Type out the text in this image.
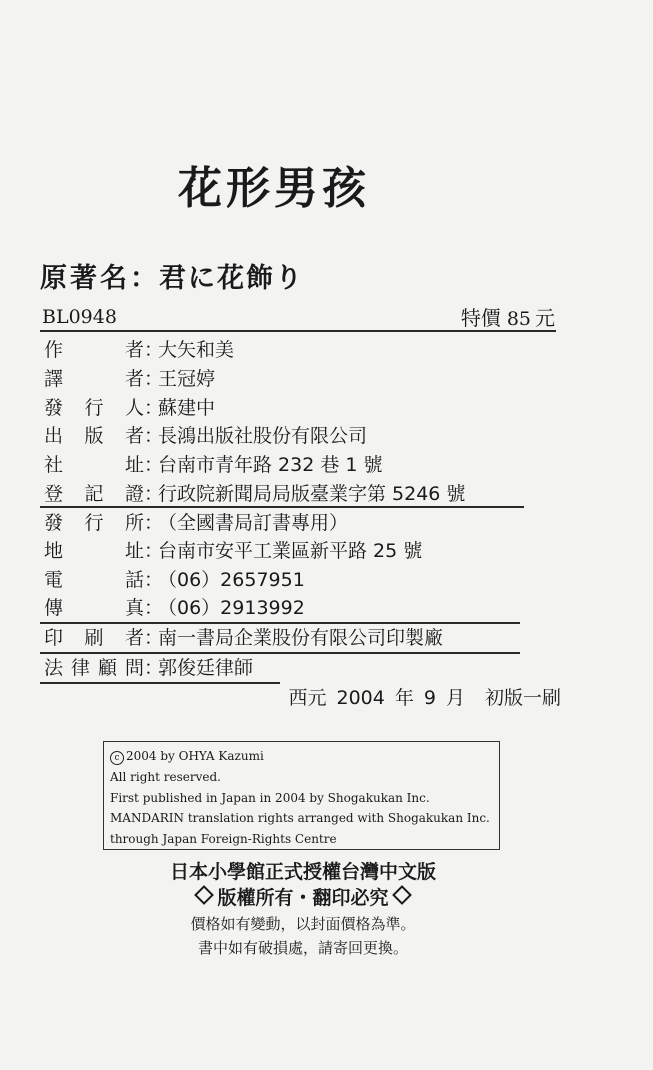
花形男孩
原著名：君に花飾り
BL0948	特價 85 元
作　者：大矢和美
譯　者：王冠婷
發行人：蘇建中
出版者：長鴻出版社股份有限公司
社　址：台南市青年路 232 巷 1 號
登記證：行政院新聞局局版臺業字第 5246 號
發行所：（全國書局訂書專用）
地　址：台南市安平工業區新平路 25 號
電　話：（06）2657951
傳　真：（06）2913992
印刷者：南一書局企業股份有限公司印製廠
法律顧問：郭俊廷律師
西元 2004 年 9 月 初版一刷
c 2004 by OHYA Kazumi
All right reserved.
First published in Japan in 2004 by Shogakukan Inc.
MANDARIN translation rights arranged with Shogakukan Inc.
through Japan Foreign-Rights Centre
日本小學館正式授權台灣中文版
版權所有・翻印必究
價格如有變動，以封面價格為準。
書中如有破損處，請寄回更換。
